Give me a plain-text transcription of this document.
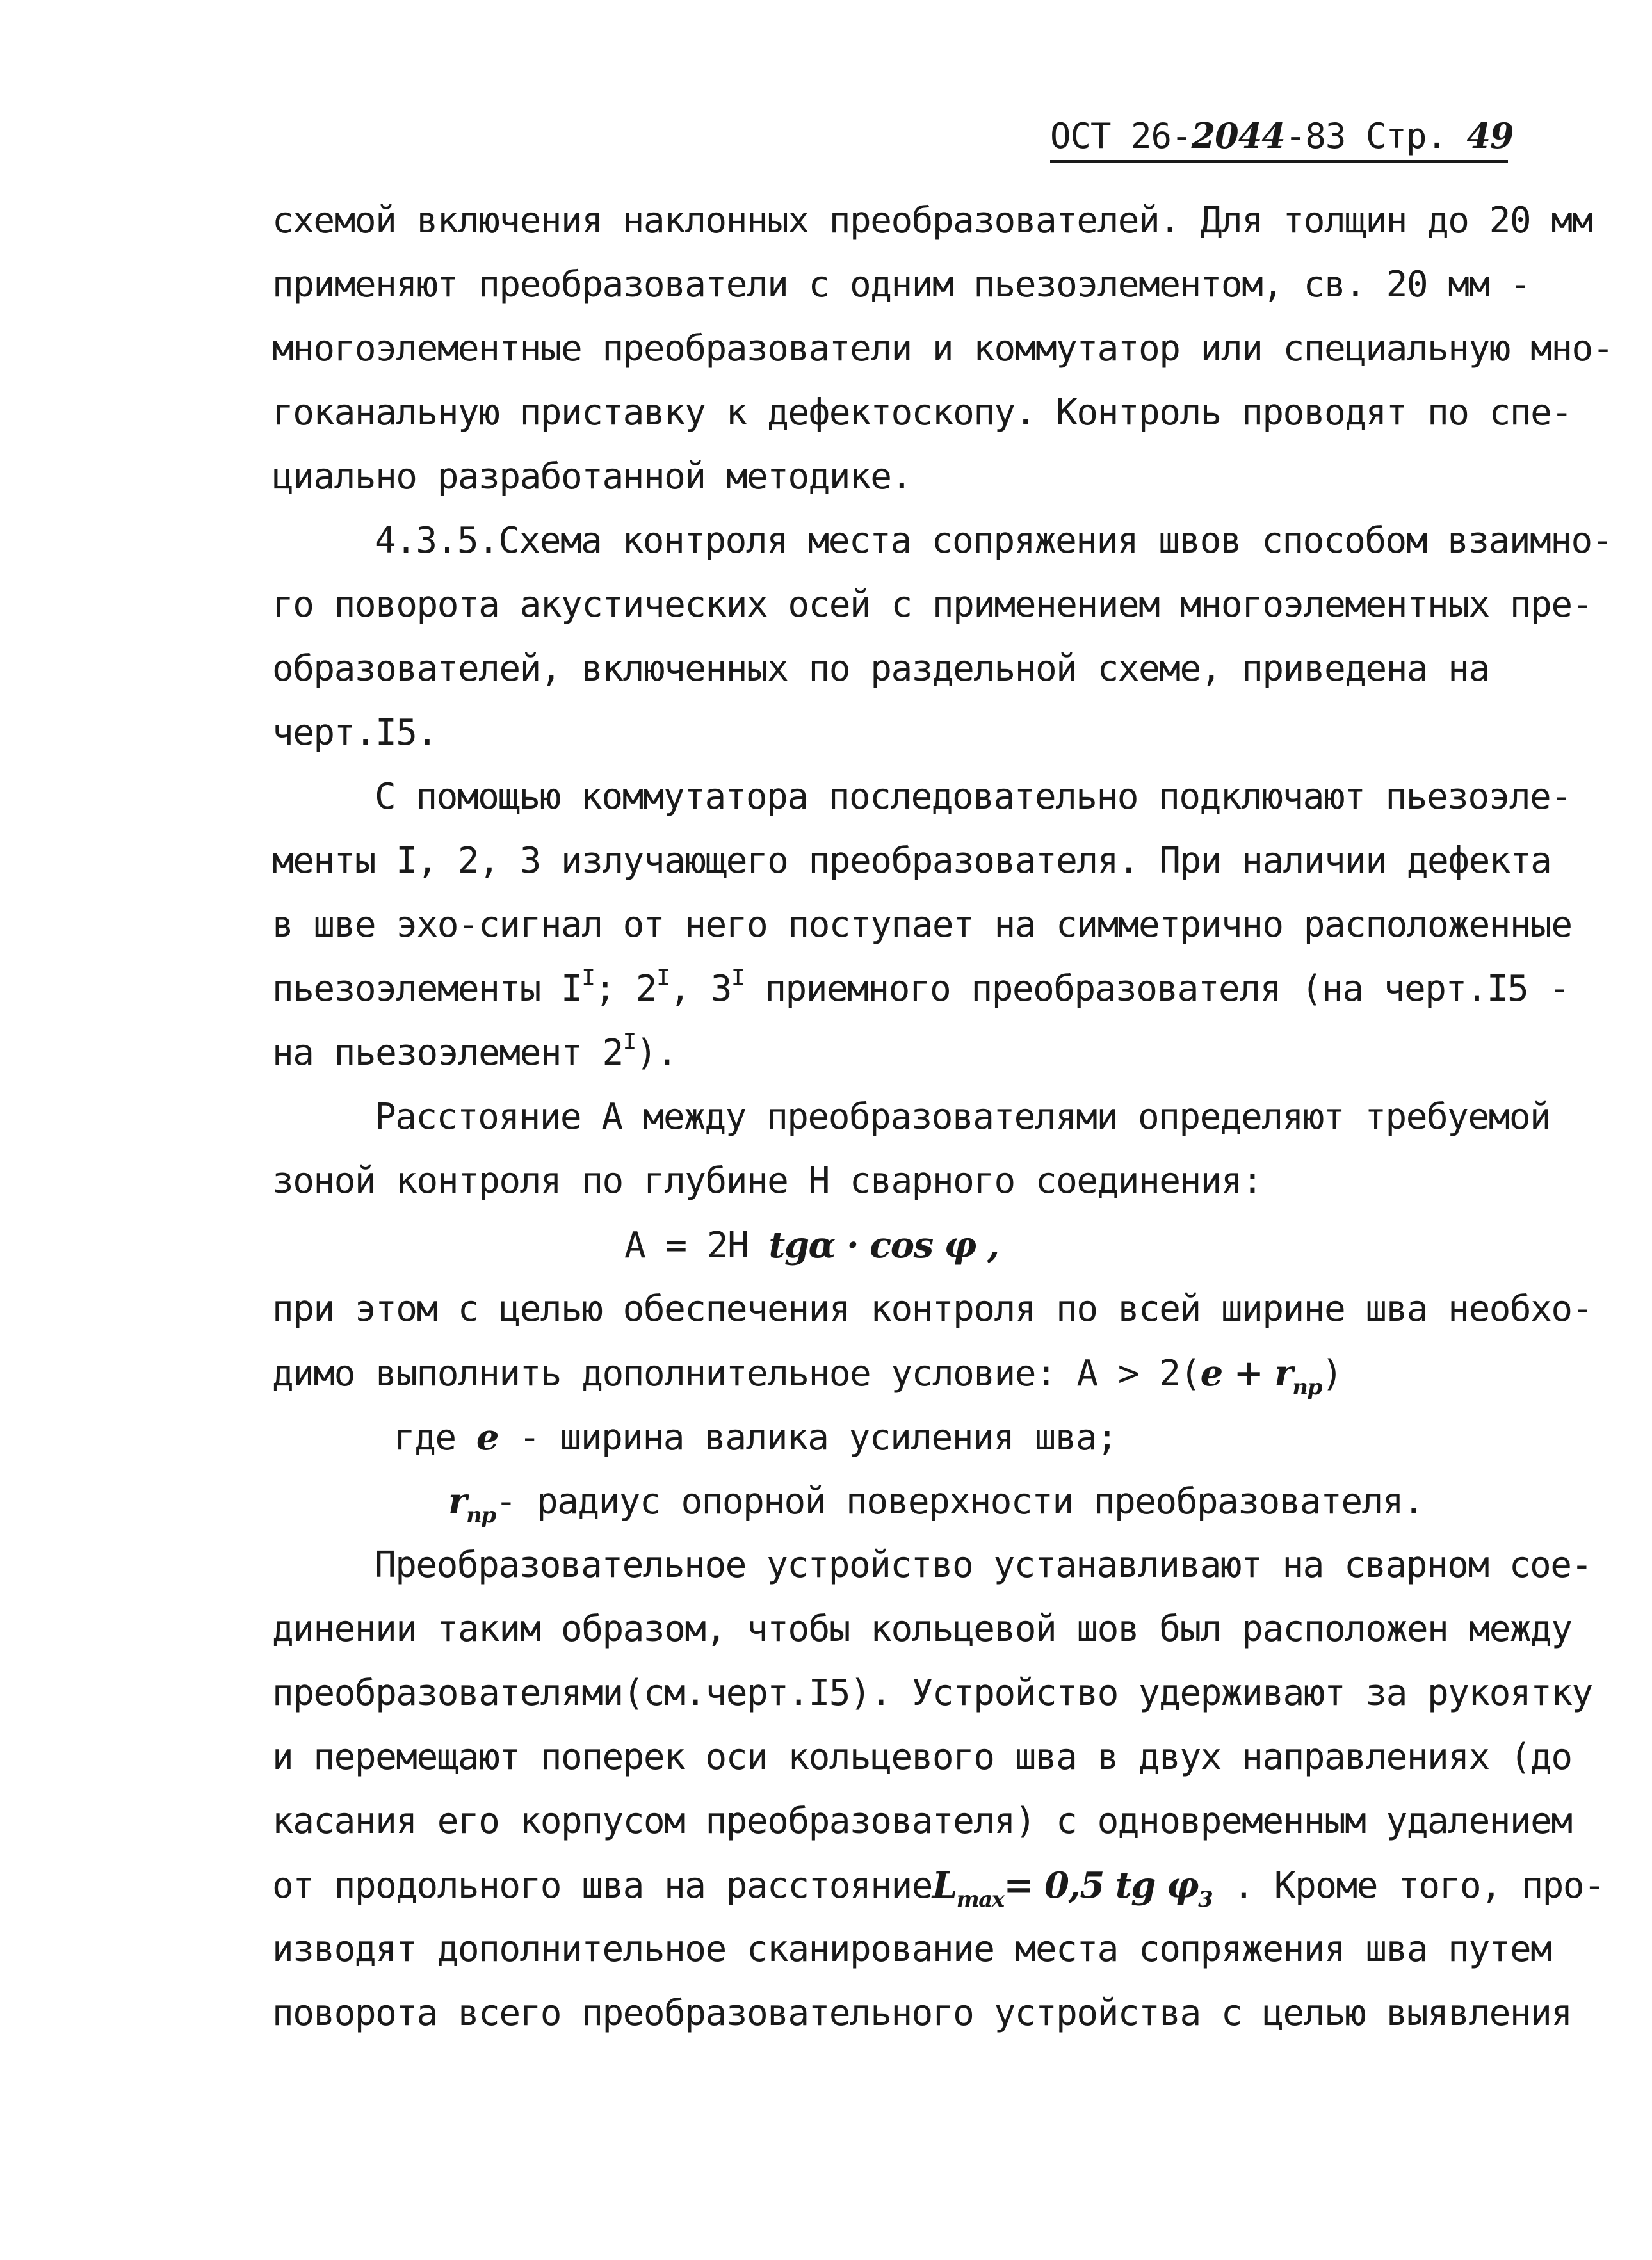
ОСТ 26-2044-83 Стр. 49
схемой включения наклонных преобразователей. Для толщин до 20 мм
применяют преобразователи с одним пьезоэлементом, св. 20 мм -
многоэлементные преобразователи и коммутатор или специальную мно-
гоканальную приставку к дефектоскопу. Контроль проводят по спе-
циально разработанной методике.
4.3.5.Схема контроля места сопряжения швов способом взаимно-
го поворота акустических осей с применением многоэлементных пре-
образователей, включенных по раздельной схеме, приведена на
черт.I5.
С помощью коммутатора последовательно подключают пьезоэле-
менты I, 2, 3 излучающего преобразователя. При наличии дефекта
в шве эхо-сигнал от него поступает на симметрично расположенные
пьезоэлементы $I^I$; $2^I$, $3^I$ приемного преобразователя (на черт.I5 -
на пьезоэлемент $2^I$).
Расстояние А между преобразователями определяют требуемой
зоной контроля по глубине Н сварного соединения:
А = 2Н tgα · cos φ ,
при этом с целью обеспечения контроля по всей ширине шва необхо-
димо выполнить дополнительное условие: $А > 2(e + r_{пр})$
где e - ширина валика усиления шва;
$r_{пр}-$ радиус опорной поверхности преобразователя.
Преобразовательное устройство устанавливают на сварном сое-
динении таким образом, чтобы кольцевой шов был расположен между
преобразователями(см.черт.I5). Устройство удерживают за рукоятку
и перемещают поперек оси кольцевого шва в двух направлениях (до
касания его корпусом преобразователя) с одновременным удалением
от продольного шва на расстояниеL$_{max}$= 0,5 tg $\varphi_3$ . Кроме того, про-
изводят дополнительное сканирование места сопряжения шва путем
поворота всего преобразовательного устройства с целью выявления
